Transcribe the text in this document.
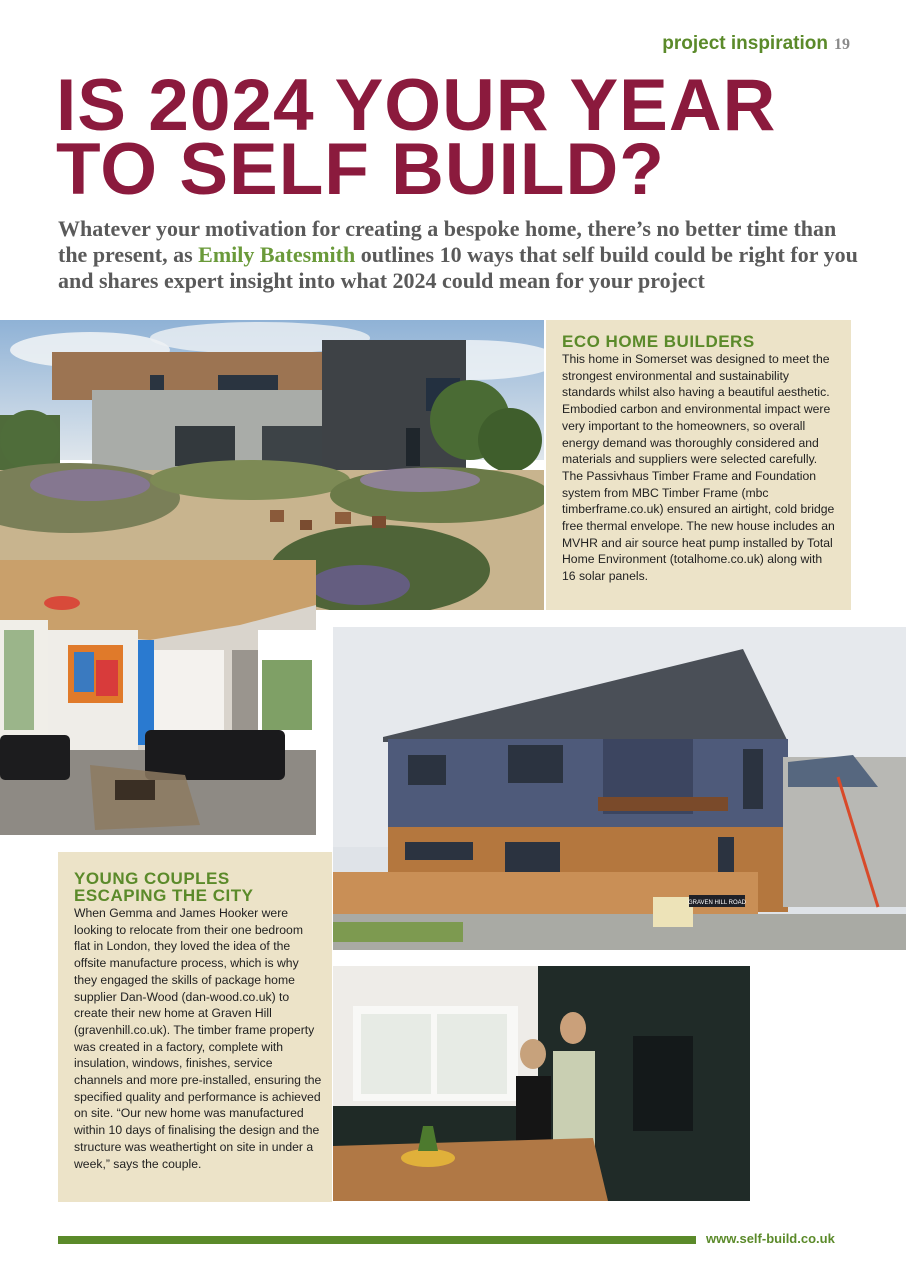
project inspiration 19
IS 2024 YOUR YEAR
TO SELF BUILD?

Whatever your motivation for creating a bespoke home, there’s no better time than the present, as Emily Batesmith outlines 10 ways that self build could be right for you and shares expert insight into what 2024 could mean for your project

ECO HOME BUILDERS

This home in Somerset was designed to meet the strongest environmental and sustainability standards whilst also having a beautiful aesthetic. Embodied carbon and environmental impact were very important to the homeowners, so overall energy demand was thoroughly considered and materials and suppliers were selected carefully. The Passivhaus Timber Frame and Foundation system from MBC Timber Frame (mbc timberframe.co.uk) ensured an airtight, cold bridge free thermal envelope. The new house includes an MVHR and air source heat pump installed by Total Home Environment (totalhome.co.uk) along with 16 solar panels.

GRAVEN HILL ROAD
YOUNG COUPLES
ESCAPING THE CITY

When Gemma and James Hooker were looking to relocate from their one bedroom flat in London, they loved the idea of the offsite manufacture process, which is why they engaged the skills of package home supplier Dan-Wood (dan-wood.co.uk) to create their new home at Graven Hill (gravenhill.co.uk). The timber frame property was created in a factory, complete with insulation, windows, finishes, service channels and more pre-installed, ensuring the specified quality and performance is achieved on site. “Our new home was manufactured within 10 days of finalising the design and the structure was weathertight on site in under a week,” says the couple.

www.self-build.co.uk
